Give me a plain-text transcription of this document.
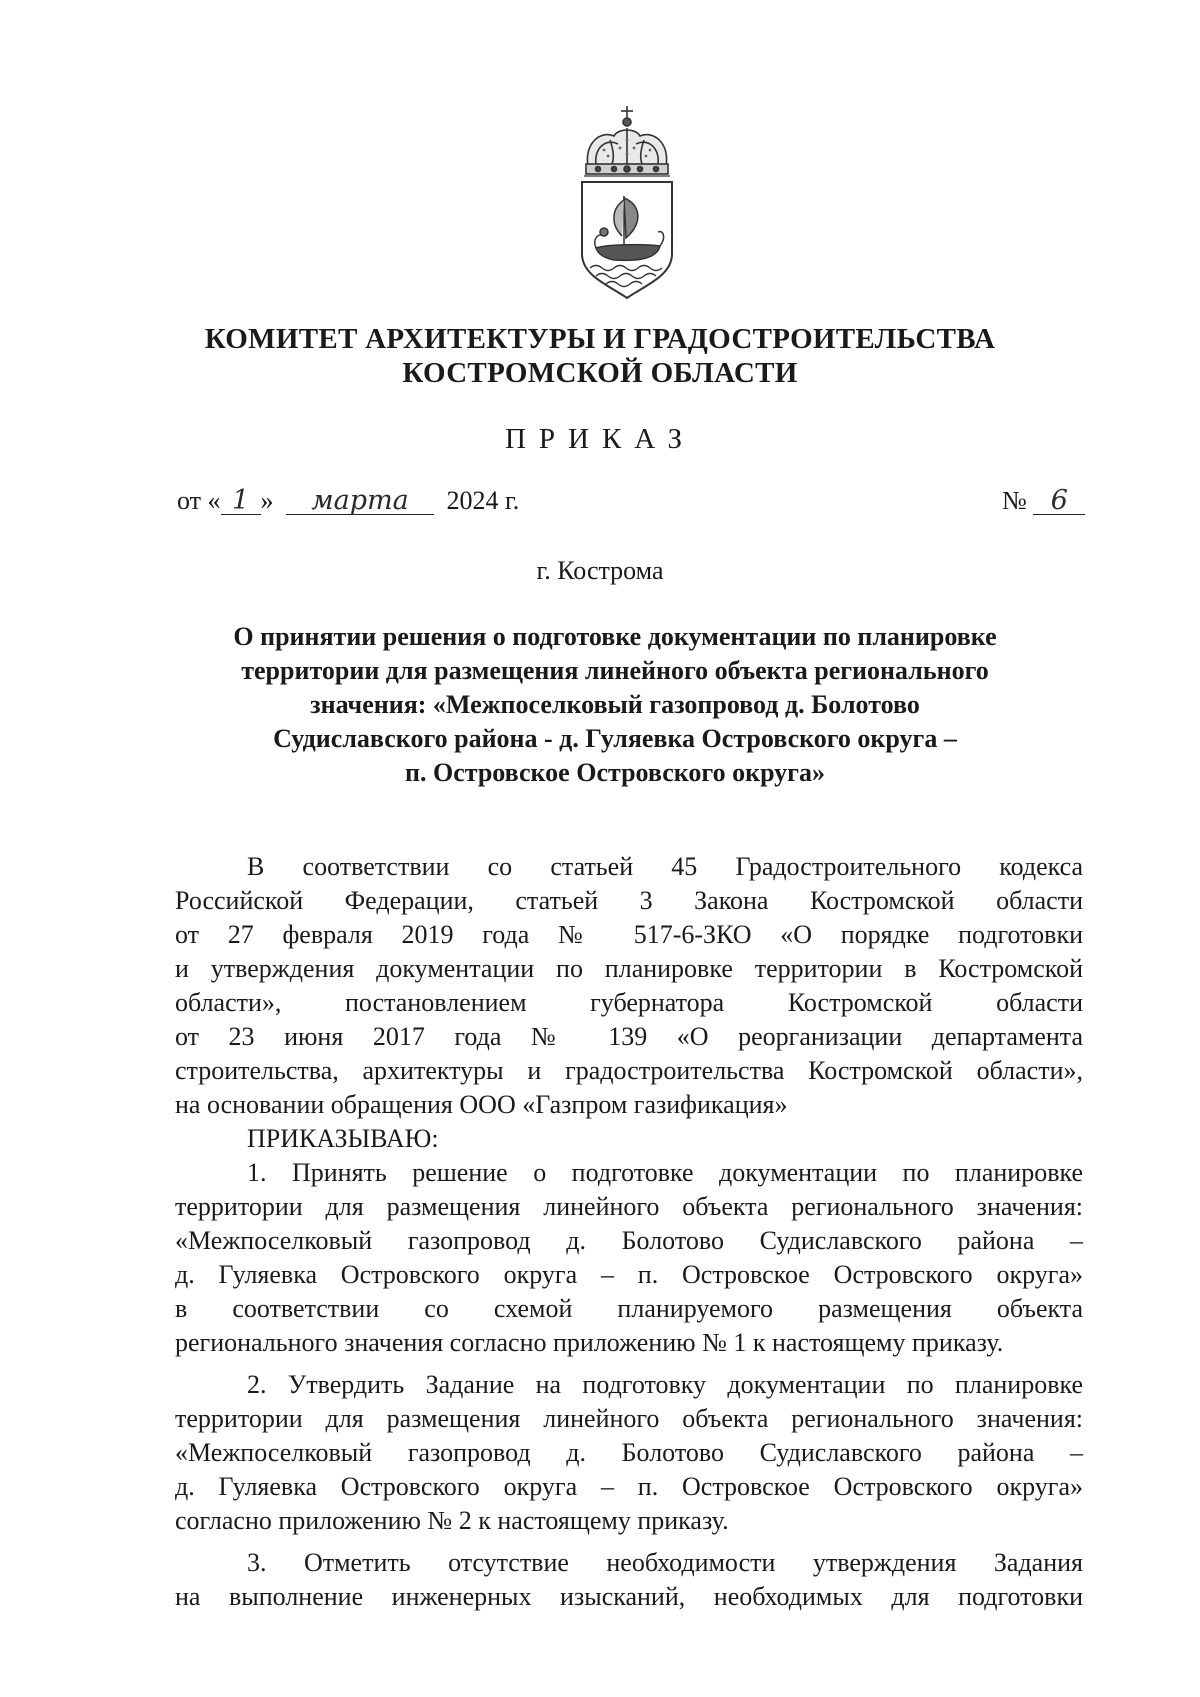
КОМИТЕТ АРХИТЕКТУРЫ И ГРАДОСТРОИТЕЛЬСТВА
КОСТРОМСКОЙ ОБЛАСТИ
ПРИКАЗ
от « 1 » марта 2024 г.	№ 6
г. Кострома
О принятии решения о подготовке документации по планировке
территории для размещения линейного объекта регионального
значения: «Межпоселковый газопровод д. Болотово
Судиславского района - д. Гуляевка Островского округа –
п. Островское Островского округа»
В соответствии со статьей 45 Градостроительного кодекса
Российской Федерации, статьей 3 Закона Костромской области
от 27 февраля 2019 года № 517-6-ЗКО «О порядке подготовки
и утверждения документации по планировке территории в Костромской
области», постановлением губернатора Костромской области
от 23 июня 2017 года № 139 «О реорганизации департамента
строительства, архитектуры и градостроительства Костромской области»,
на основании обращения ООО «Газпром газификация»
ПРИКАЗЫВАЮ:
1. Принять решение о подготовке документации по планировке
территории для размещения линейного объекта регионального значения:
«Межпоселковый газопровод д. Болотово Судиславского района –
д. Гуляевка Островского округа – п. Островское Островского округа»
в соответствии со схемой планируемого размещения объекта
регионального значения согласно приложению № 1 к настоящему приказу.
2. Утвердить Задание на подготовку документации по планировке
территории для размещения линейного объекта регионального значения:
«Межпоселковый газопровод д. Болотово Судиславского района –
д. Гуляевка Островского округа – п. Островское Островского округа»
согласно приложению № 2 к настоящему приказу.
3. Отметить отсутствие необходимости утверждения Задания
на выполнение инженерных изысканий, необходимых для подготовки
